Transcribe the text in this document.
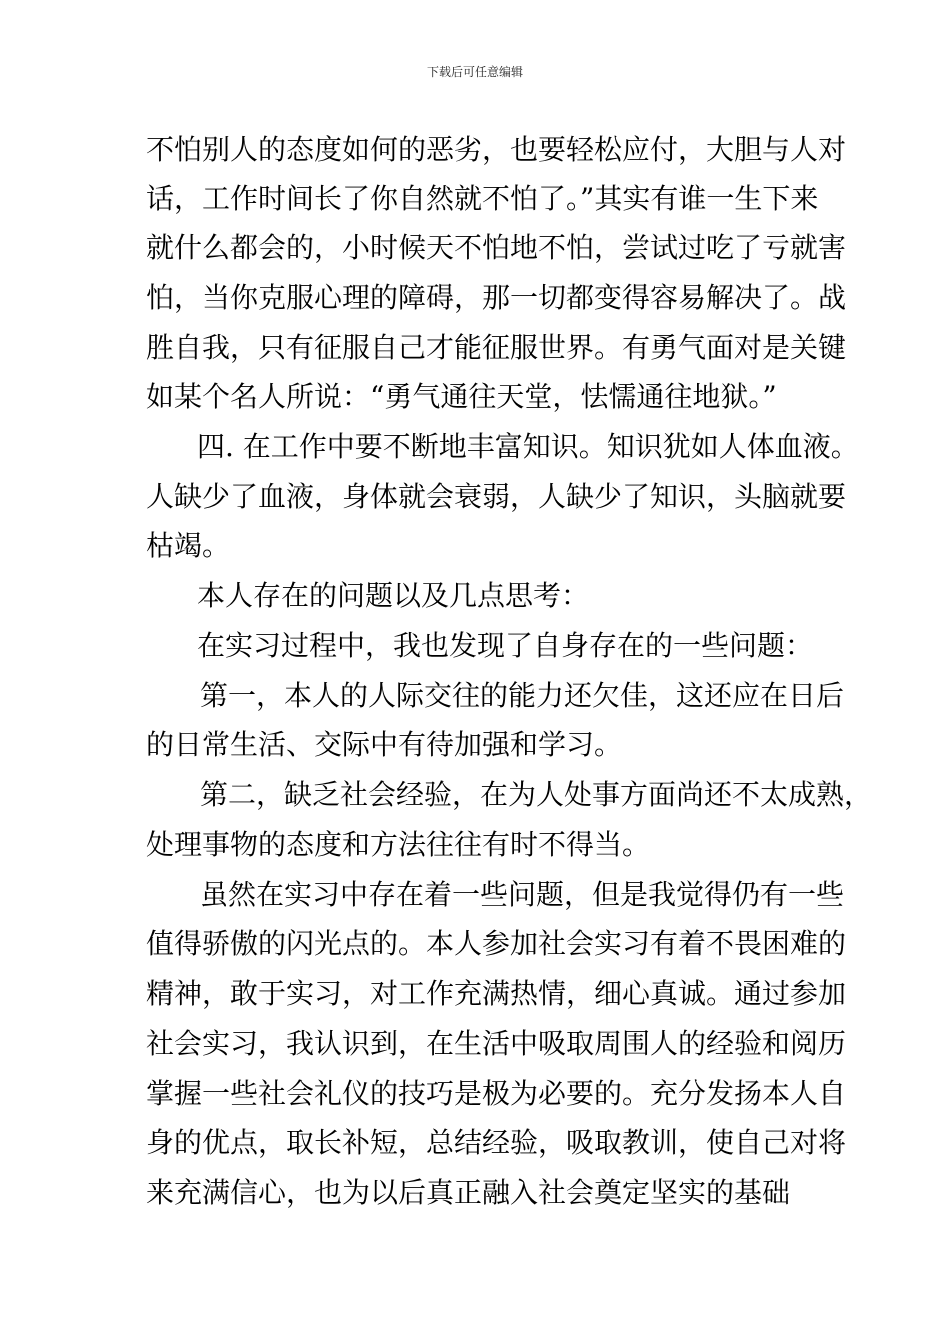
下载后可任意编辑
不怕别人的态度如何的恶劣，也要轻松应付，大胆与人对
话，工作时间长了你自然就不怕了。”其实有谁一生下来
就什么都会的，小时候天不怕地不怕，尝试过吃了亏就害
怕，当你克服心理的障碍，那一切都变得容易解决了。战
胜自我，只有征服自己才能征服世界。有勇气面对是关键
如某个名人所说：“勇气通往天堂，怯懦通往地狱。”
四. 在工作中要不断地丰富知识。知识犹如人体血液。
人缺少了血液，身体就会衰弱，人缺少了知识，头脑就要
枯竭。
本人存在的问题以及几点思考：
在实习过程中，我也发现了自身存在的一些问题：
第一，本人的人际交往的能力还欠佳，这还应在日后
的日常生活、交际中有待加强和学习。
第二，缺乏社会经验，在为人处事方面尚还不太成熟，
处理事物的态度和方法往往有时不得当。
虽然在实习中存在着一些问题，但是我觉得仍有一些
值得骄傲的闪光点的。本人参加社会实习有着不畏困难的
精神，敢于实习，对工作充满热情，细心真诚。通过参加
社会实习，我认识到，在生活中吸取周围人的经验和阅历
掌握一些社会礼仪的技巧是极为必要的。充分发扬本人自
身的优点，取长补短，总结经验，吸取教训，使自己对将
来充满信心，也为以后真正融入社会奠定坚实的基础
